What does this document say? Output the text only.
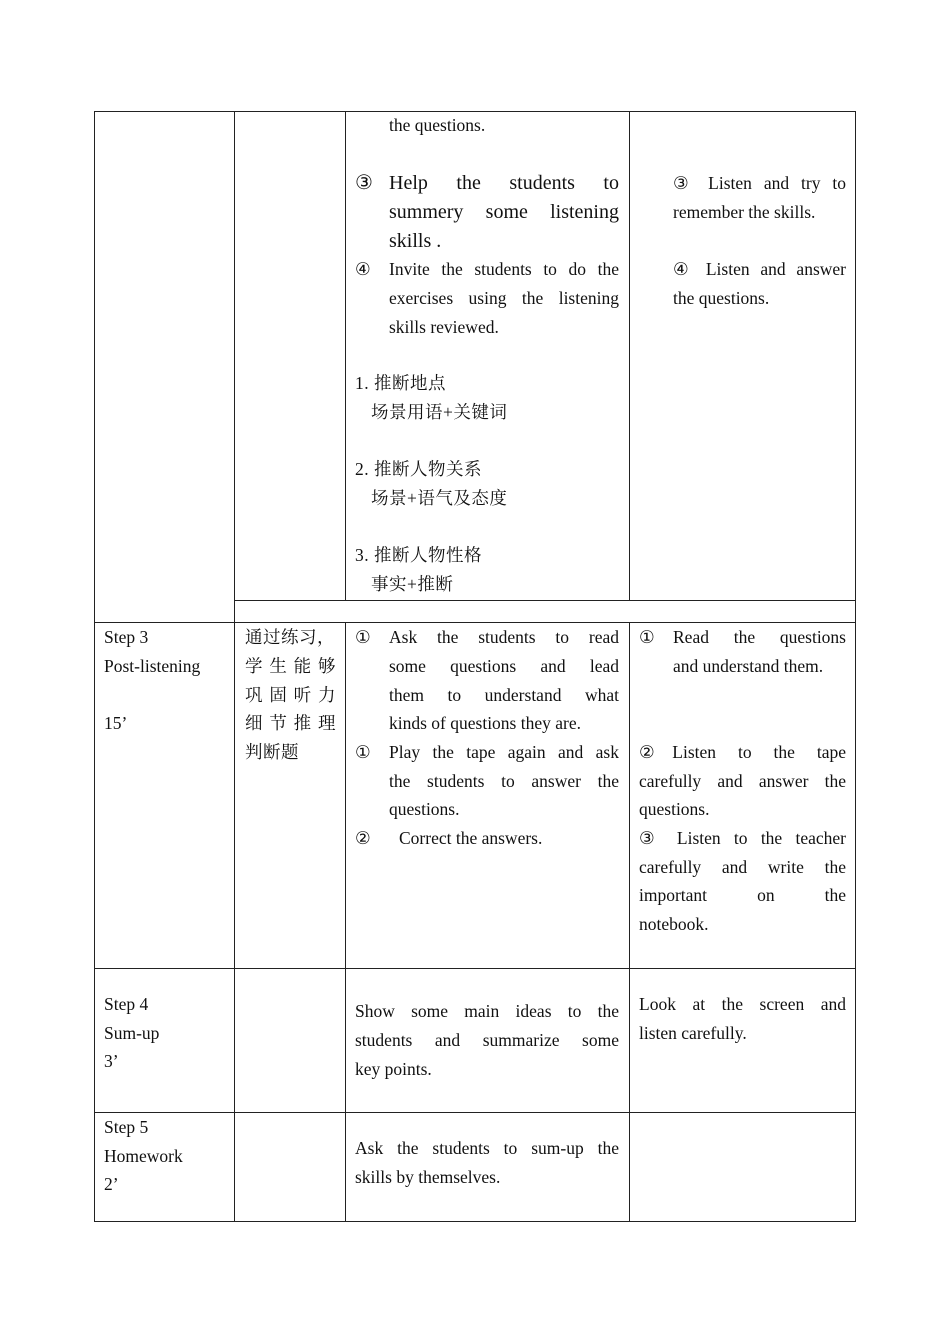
the questions.
③ Help the students to
summery some listening
skills .
④ Invite the students to do the
exercises using the listening
skills reviewed.
1. 推断地点
场景用语+关键词
2. 推断人物关系
场景+语气及态度
3. 推断人物性格
事实+推断
③ Listen and try to
remember the skills.
④ Listen and answer
the questions.
Step 3
Post-listening
15’
通过练习，
学生能够
巩固听力
细节推理
判断题
① Ask the students to read
some questions and lead
them to understand what
kinds of questions they are.
① Play the tape again and ask
the students to answer the
questions.
② Correct the answers.
① Read the questions
and understand them.
②Listen to the tape
carefully and answer the
questions.
③ Listen to the teacher
carefully and write the
important on the
notebook.
Step 4
Sum-up
3’
Show some main ideas to the
students and summarize some
key points.
Look at the screen and
listen carefully.
Step 5
Homework
2’
Ask the students to sum-up the
skills by themselves.
